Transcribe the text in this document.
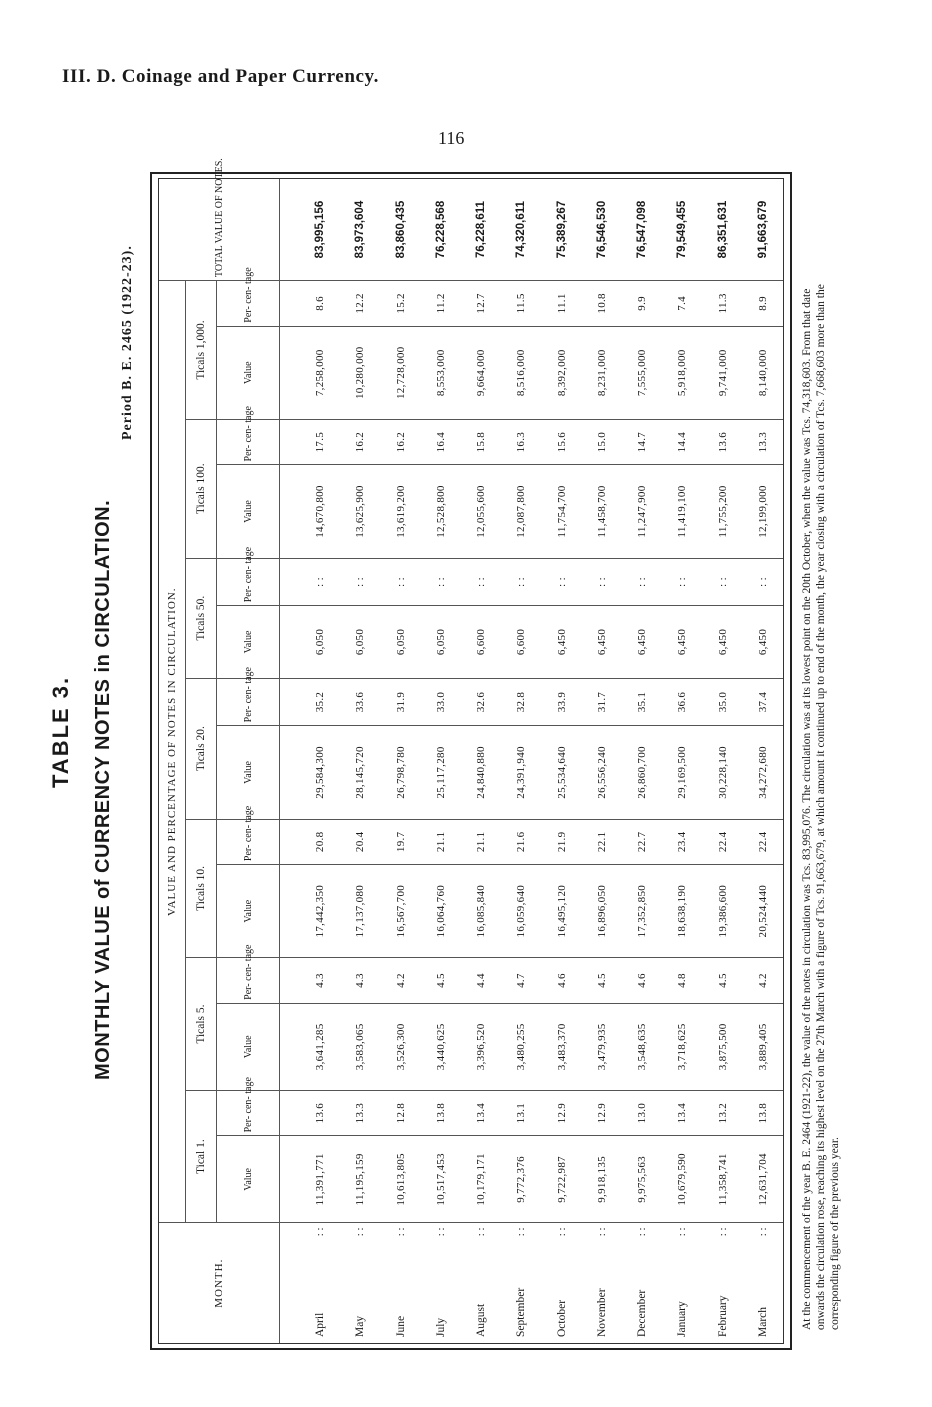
III. D. Coinage and Paper Currency.
116
TABLE 3. MONTHLY VALUE of CURRENCY NOTES in CIRCULATION.
Period B. E. 2465 (1922-23).
MONTH.		VALUE AND PERCENTAGE OF NOTES IN CIRCULATION.														TOTAL VALUE OF NOTES.
		Tical 1.		Ticals 5.		Ticals 10.		Ticals 20.		Ticals 50.		Ticals 100.		Ticals 1,000.		
		Value	Per- cen- tage	Value	Per- cen- tage	Value	Per- cen- tage	Value	Per- cen- tage	Value	Per- cen- tage	Value	Per- cen- tage	Value	Per- cen- tage	

April	: :	11,391,771	13.6	3,641,285	4.3	17,442,350	20.8	29,584,300	35.2	6,050	: :	14,670,800	17.5	7,258,000	8.6	83,995,156
May	: :	11,195,159	13.3	3,583,065	4.3	17,137,080	20.4	28,145,720	33.6	6,050	: :	13,625,900	16.2	10,280,000	12.2	83,973,604
June	: :	10,613,805	12.8	3,526,300	4.2	16,567,700	19.7	26,798,780	31.9	6,050	: :	13,619,200	16.2	12,728,000	15.2	83,860,435
July	: :	10,517,453	13.8	3,440,625	4.5	16,064,760	21.1	25,117,280	33.0	6,050	: :	12,528,800	16.4	8,553,000	11.2	76,228,568
August	: :	10,179,171	13.4	3,396,520	4.4	16,085,840	21.1	24,840,880	32.6	6,600	: :	12,055,600	15.8	9,664,000	12.7	76,228,611
September	: :	9,772,376	13.1	3,480,255	4.7	16,059,640	21.6	24,391,940	32.8	6,600	: :	12,087,800	16.3	8,516,000	11.5	74,320,611
October	: :	9,722,987	12.9	3,483,370	4.6	16,495,120	21.9	25,534,640	33.9	6,450	: :	11,754,700	15.6	8,392,000	11.1	75,389,267
November	: :	9,918,135	12.9	3,479,935	4.5	16,896,050	22.1	26,556,240	31.7	6,450	: :	11,458,700	15.0	8,231,000	10.8	76,546,530
December	: :	9,975,563	13.0	3,548,635	4.6	17,352,850	22.7	26,860,700	35.1	6,450	: :	11,247,900	14.7	7,555,000	9.9	76,547,098
January	: :	10,679,590	13.4	3,718,625	4.8	18,638,190	23.4	29,169,500	36.6	6,450	: :	11,419,100	14.4	5,918,000	7.4	79,549,455
February	: :	11,358,741	13.2	3,875,500	4.5	19,386,600	22.4	30,228,140	35.0	6,450	: :	11,755,200	13.6	9,741,000	11.3	86,351,631
March	: :	12,631,704	13.8	3,889,405	4.2	20,524,440	22.4	34,272,680	37.4	6,450	: :	12,199,000	13.3	8,140,000	8.9	91,663,679

At the commencement of the year B. E. 2464 (1921-22), the value of the notes in circulation was Tcs. 83,995,076. The circulation was at its lowest point on the 20th October, when the value was Tcs. 74,318,603. From that date onwards the circulation rose, reaching its highest level on the 27th March with a figure of Tcs. 91,663,679, at which amount it continued up to end of the month, the year closing with a circulation of Tcs. 7,668,603 more than the corresponding figure of the previous year.
